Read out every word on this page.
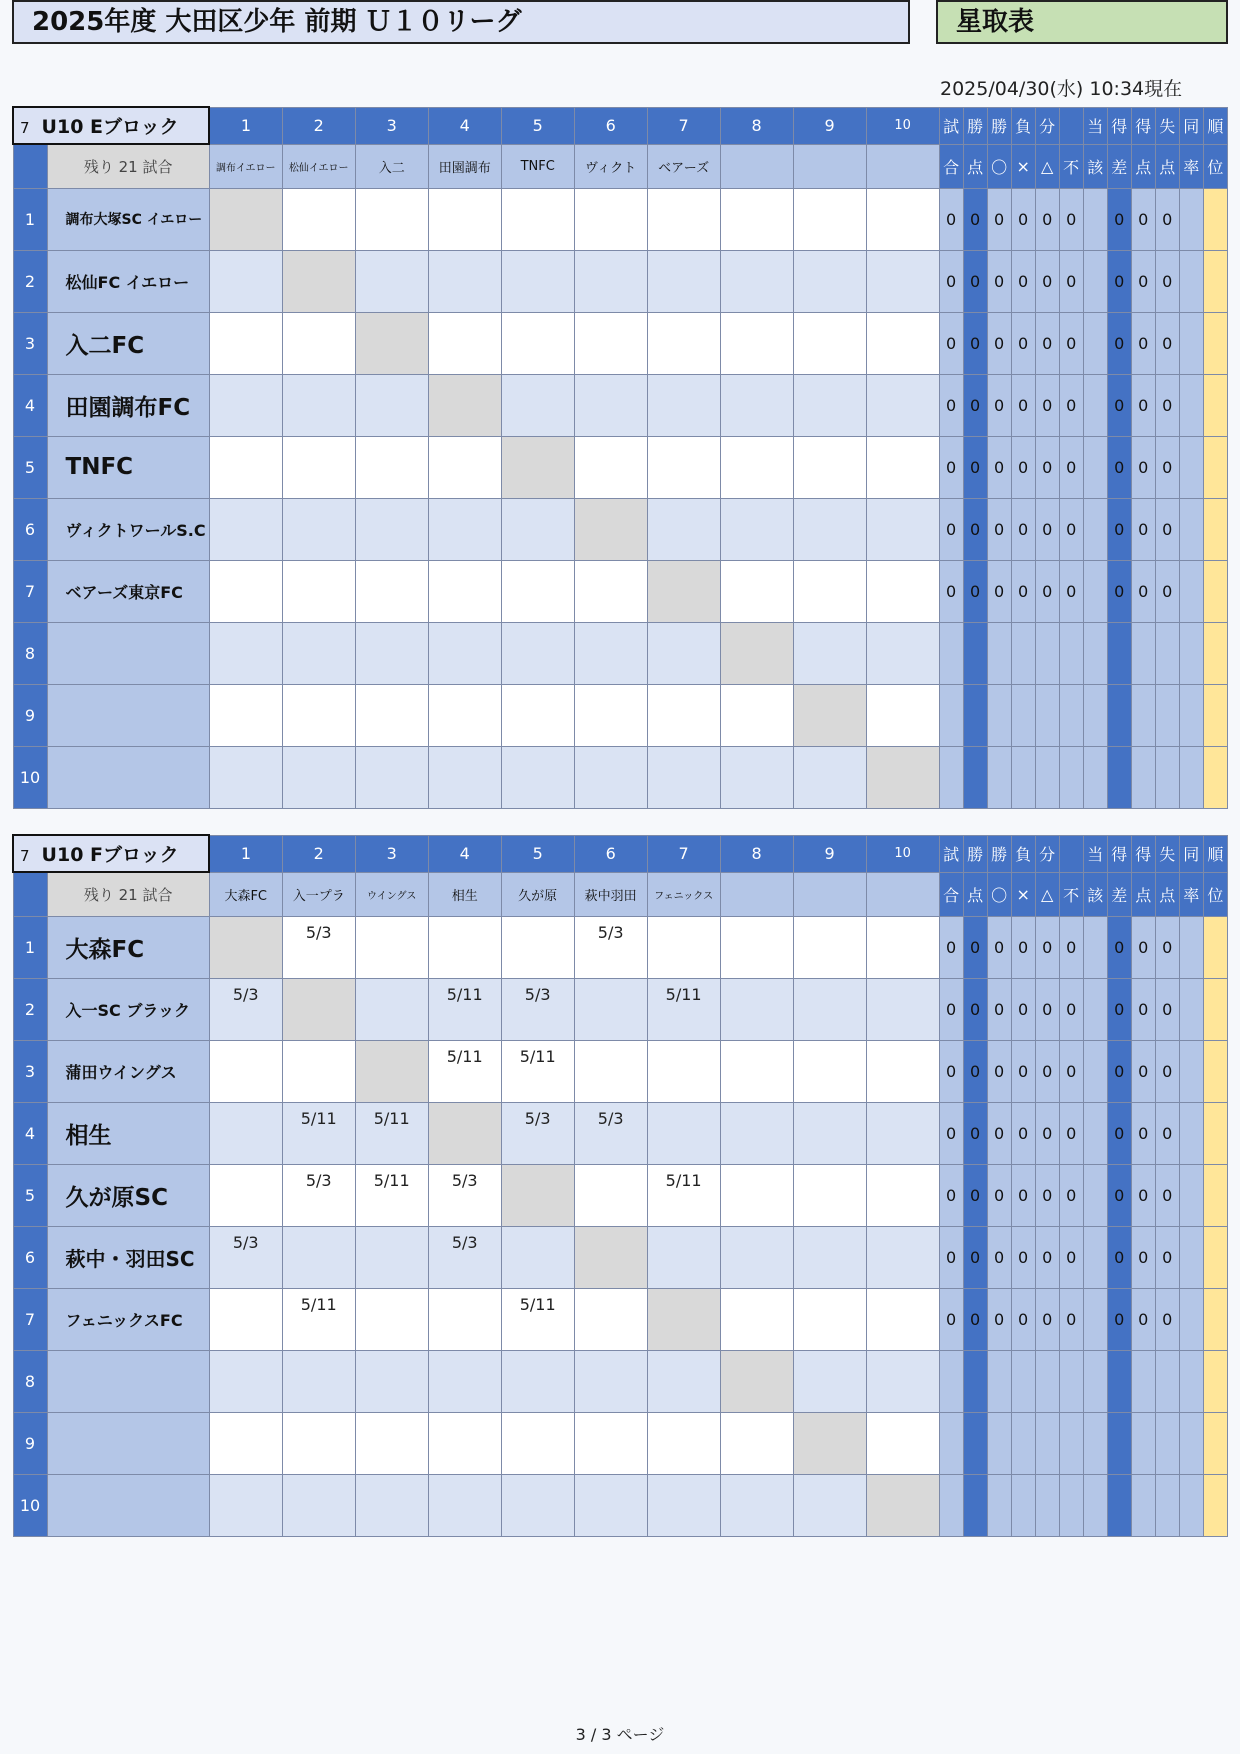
2025年度 大田区少年 前期 Ｕ１０リーグ	星取表
2025/04/30(水) 10:34現在
7 U10 Eブロック		1	2	3	4	5	6	7	8	9	10	試	勝	勝	負	分		当	得	得	失	同	順
	残り 21 試合	調布イエロー	松仙イエロー	入二	田園調布	TNFC	ヴィクト	ベアーズ				合	点	〇	×	△	不	該	差	点	点	率	位
1	調布大塚SC イエロー											0	0	0	0	0	0		0	0	0		
2	松仙FC イエロー											0	0	0	0	0	0		0	0	0		
3	入二FC											0	0	0	0	0	0		0	0	0		
4	田園調布FC											0	0	0	0	0	0		0	0	0		
5	TNFC											0	0	0	0	0	0		0	0	0		
6	ヴィクトワールS.C											0	0	0	0	0	0		0	0	0		
7	ベアーズ東京FC											0	0	0	0	0	0		0	0	0		
8																							
9																							
10																							
7 U10 Fブロック		1	2	3	4	5	6	7	8	9	10	試	勝	勝	負	分		当	得	得	失	同	順
	残り 21 試合	大森FC	入一プラ	ウイングス	相生	久が原	萩中羽田	フェニックス				合	点	〇	×	△	不	該	差	点	点	率	位
1	大森FC		5/3				5/3					0	0	0	0	0	0		0	0	0		
2	入一SC ブラック	5/3			5/11	5/3		5/11				0	0	0	0	0	0		0	0	0		
3	蒲田ウイングス				5/11	5/11						0	0	0	0	0	0		0	0	0		
4	相生		5/11	5/11		5/3	5/3					0	0	0	0	0	0		0	0	0		
5	久が原SC		5/3	5/11	5/3			5/11				0	0	0	0	0	0		0	0	0		
6	萩中・羽田SC	5/3			5/3							0	0	0	0	0	0		0	0	0		
7	フェニックスFC		5/11			5/11						0	0	0	0	0	0		0	0	0		
8																							
9																							
10																							
3 / 3 ページ
